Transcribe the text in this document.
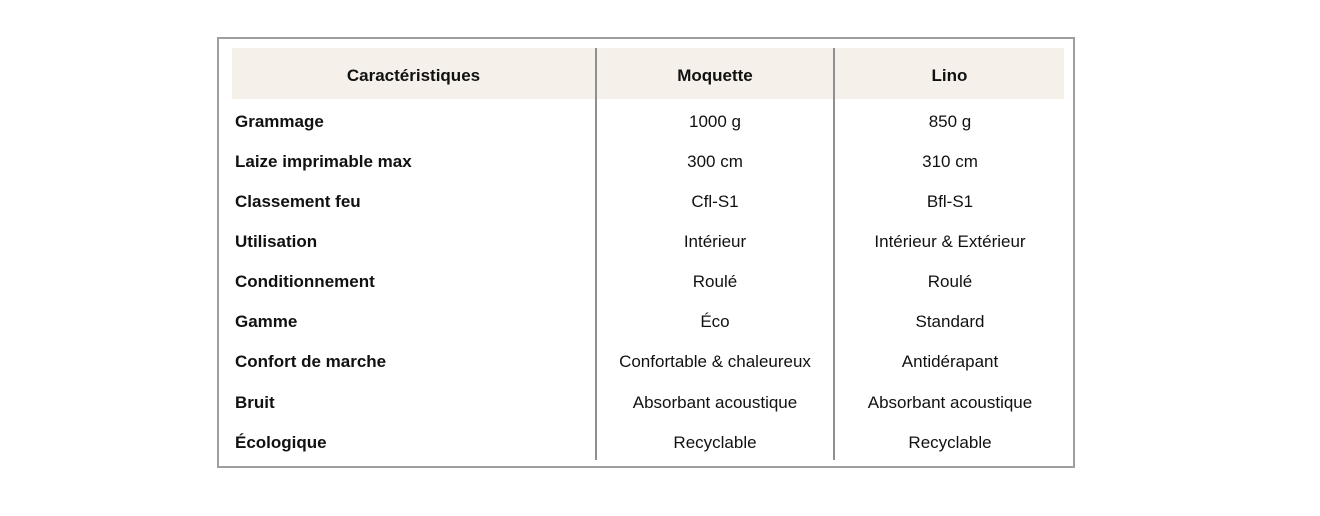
Caractéristiques	Moquette	Lino
Grammage	1000 g	850 g
Laize imprimable max	300 cm	310 cm
Classement feu	Cfl-S1	Bfl-S1
Utilisation	Intérieur	Intérieur & Extérieur
Conditionnement	Roulé	Roulé
Gamme	Éco	Standard
Confort de marche	Confortable & chaleureux	Antidérapant
Bruit	Absorbant acoustique	Absorbant acoustique
Écologique	Recyclable	Recyclable
